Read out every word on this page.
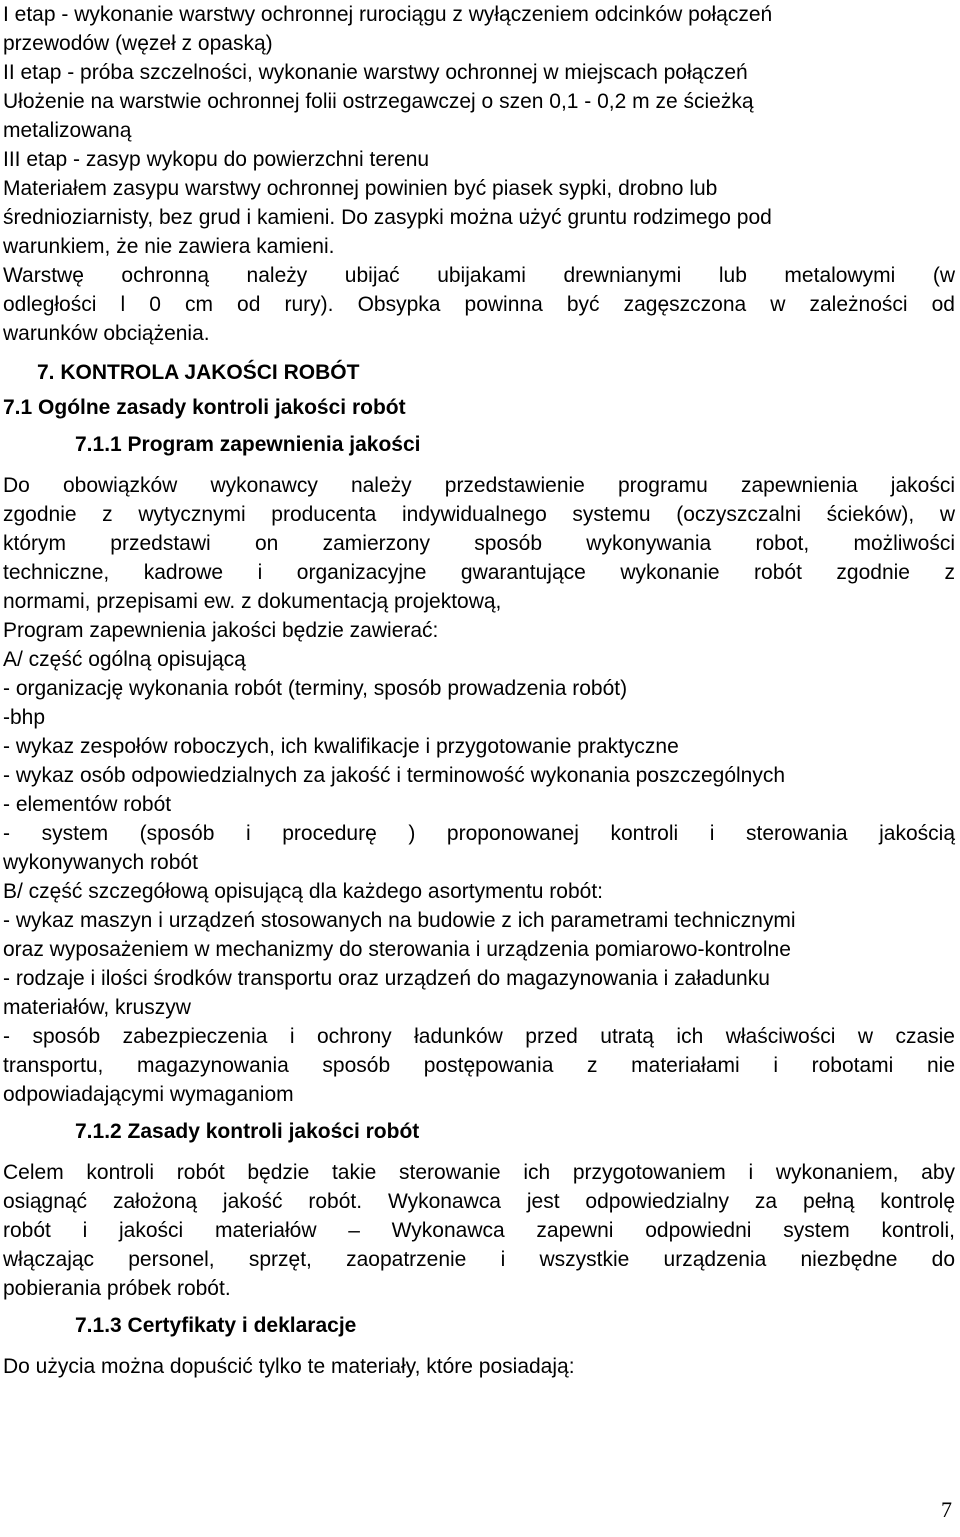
I etap - wykonanie warstwy ochronnej rurociągu z wyłączeniem odcinków połączeń
przewodów (węzeł z opaską)
II etap - próba szczelności, wykonanie warstwy ochronnej w miejscach połączeń
Ułożenie na warstwie ochronnej folii ostrzegawczej o szen 0,1 - 0,2 m ze ścieżką
metalizowaną
III etap - zasyp wykopu do powierzchni terenu
Materiałem zasypu warstwy ochronnej powinien być piasek sypki, drobno lub
średnioziarnisty, bez grud i kamieni. Do zasypki można użyć gruntu rodzimego pod
warunkiem, że nie zawiera kamieni.
Warstwę ochronną należy ubijać ubijakami drewnianymi lub metalowymi (w
odległości l 0 cm od rury). Obsypka powinna być zagęszczona w zależności od
warunków obciążenia.
7. KONTROLA JAKOŚCI ROBÓT
7.1 Ogólne zasady kontroli jakości robót
7.1.1 Program zapewnienia jakości
Do obowiązków wykonawcy należy przedstawienie programu zapewnienia jakości
zgodnie z wytycznymi producenta indywidualnego systemu (oczyszczalni ścieków), w
którym przedstawi on zamierzony sposób wykonywania robot, możliwości
techniczne, kadrowe i organizacyjne gwarantujące wykonanie robót zgodnie z
normami, przepisami ew. z dokumentacją projektową,
Program zapewnienia jakości będzie zawierać:
A/ część ogólną opisującą
- organizację wykonania robót (terminy, sposób prowadzenia robót)
-bhp
- wykaz zespołów roboczych, ich kwalifikacje i przygotowanie praktyczne
- wykaz osób odpowiedzialnych za jakość i terminowość wykonania poszczególnych
- elementów robót
- system (sposób i procedurę ) proponowanej kontroli i sterowania jakością
wykonywanych robót
B/ część szczegółową opisującą dla każdego asortymentu robót:
- wykaz maszyn i urządzeń stosowanych na budowie z ich parametrami technicznymi
oraz wyposażeniem w mechanizmy do sterowania i urządzenia pomiarowo-kontrolne
- rodzaje i ilości środków transportu oraz urządzeń do magazynowania i załadunku
materiałów, kruszyw
- sposób zabezpieczenia i ochrony ładunków przed utratą ich właściwości w czasie
transportu, magazynowania sposób postępowania z materiałami i robotami nie
odpowiadającymi wymaganiom
7.1.2 Zasady kontroli jakości robót
Celem kontroli robót będzie takie sterowanie ich przygotowaniem i wykonaniem, aby
osiągnąć założoną jakość robót. Wykonawca jest odpowiedzialny za pełną kontrolę
robót i jakości materiałów – Wykonawca zapewni odpowiedni system kontroli,
włączając personel, sprzęt, zaopatrzenie i wszystkie urządzenia niezbędne do
pobierania próbek robót.
7.1.3 Certyfikaty i deklaracje
Do użycia można dopuścić tylko te materiały, które posiadają:
7
